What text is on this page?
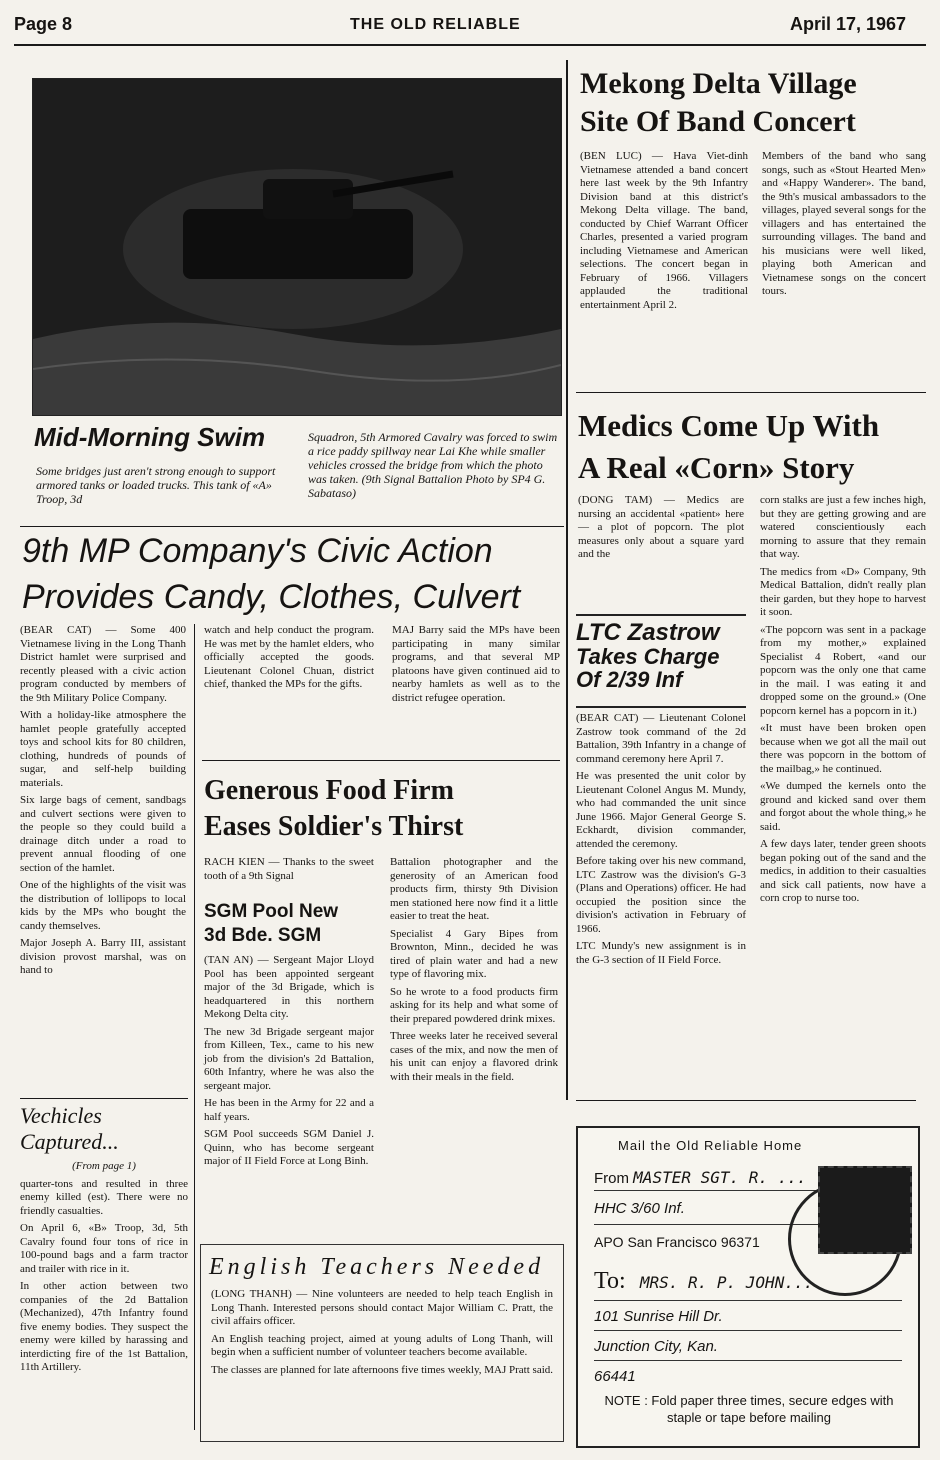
Page 8	THE OLD RELIABLE	April 17, 1967
Mid-Morning Swim
Some bridges just aren't strong enough to support armored tanks or loaded trucks. This tank of «A» Troop, 3d
Squadron, 5th Armored Cavalry was forced to swim a rice paddy spillway near Lai Khe while smaller vehicles crossed the bridge from which the photo was taken. (9th Signal Battalion Photo by SP4 G. Sabataso)
Mekong Delta Village
Site Of Band Concert
(BEN LUC) — Hava Viet-dinh Vietnamese attended a band concert here last week by the 9th Infantry Division band at this district's Mekong Delta village. The band, conducted by Chief Warrant Officer Charles, presented a varied program including Vietnamese and American selections. The concert began in February of 1966. Villagers applauded the traditional entertainment April 2.
Members of the band who sang songs, such as «Stout Hearted Men» and «Happy Wanderer». The band, the 9th's musical ambassadors to the villages, played several songs for the villagers and has entertained the surrounding villages. The band and his musicians were well liked, playing both American and Vietnamese songs on the concert tours.
Medics Come Up With
A Real «Corn» Story
(DONG TAM) — Medics are nursing an accidental «patient» here — a plot of popcorn. The plot measures only about a square yard and the

corn stalks are just a few inches high, but they are getting growing and are watered conscientiously each morning to assure that they remain that way.

The medics from «D» Company, 9th Medical Battalion, didn't really plan their garden, but they hope to harvest it soon.

«The popcorn was sent in a package from my mother,» explained Specialist 4 Robert, «and our popcorn was the only one that came in the mail. I was eating it and dropped some on the ground.» (One popcorn kernel has a popcorn in it.)

«It must have been broken open because when we got all the mail out there was popcorn in the bottom of the mailbag,» he continued.

«We dumped the kernels onto the ground and kicked sand over them and forgot about the whole thing,» he said.

A few days later, tender green shoots began poking out of the sand and the medics, in addition to their casualties and sick call patients, now have a corn crop to nurse too.

LTC Zastrow
Takes Charge
Of 2/39 Inf

(BEAR CAT) — Lieutenant Colonel Zastrow took command of the 2d Battalion, 39th Infantry in a change of command ceremony here April 7.

He was presented the unit color by Lieutenant Colonel Angus M. Mundy, who had commanded the unit since June 1966. Major General George S. Eckhardt, division commander, attended the ceremony.

Before taking over his new command, LTC Zastrow was the division's G-3 (Plans and Operations) officer. He had occupied the position since the division's activation in February of 1966.

LTC Mundy's new assignment is in the G-3 section of II Field Force.

9th MP Company's Civic Action
Provides Candy, Clothes, Culvert

(BEAR CAT) — Some 400 Vietnamese living in the Long Thanh District hamlet were surprised and recently pleased with a civic action program conducted by members of the 9th Military Police Company.

With a holiday-like atmosphere the hamlet people gratefully accepted toys and school kits for 80 children, clothing, hundreds of pounds of sugar, and self-help building materials.

Six large bags of cement, sandbags and culvert sections were given to the people so they could build a drainage ditch under a road to prevent annual flooding of one section of the hamlet.

One of the highlights of the visit was the distribution of lollipops to local kids by the MPs who bought the candy themselves.

Major Joseph A. Barry III, assistant division provost marshal, was on hand to

watch and help conduct the program. He was met by the hamlet elders, who officially accepted the goods. Lieutenant Colonel Chuan, district chief, thanked the MPs for the gifts.
MAJ Barry said the MPs have been participating in many similar programs, and that several MP platoons have given continued aid to nearby hamlets as well as to the district refugee operation.
Vechicles
Captured...

(From page 1)

quarter-tons and resulted in three enemy killed (est). There were no friendly casualties.

On April 6, «B» Troop, 3d, 5th Cavalry found four tons of rice in 100-pound bags and a farm tractor and trailer with rice in it.

In other action between two companies of the 2d Battalion (Mechanized), 47th Infantry found five enemy bodies. They suspect the enemy were killed by harassing and interdicting fire of the 1st Battalion, 11th Artillery.

Generous Food Firm
Eases Soldier's Thirst
RACH KIEN — Thanks to the sweet tooth of a 9th Signal

Battalion photographer and the generosity of an American food products firm, thirsty 9th Division men stationed here now find it a little easier to treat the heat.

Specialist 4 Gary Bipes from Brownton, Minn., decided he was tired of plain water and had a new type of flavoring mix.

So he wrote to a food products firm asking for its help and what some of their prepared powdered drink mixes.

Three weeks later he received several cases of the mix, and now the men of his unit can enjoy a flavored drink with their meals in the field.

SGM Pool New
3d Bde. SGM

(TAN AN) — Sergeant Major Lloyd Pool has been appointed sergeant major of the 3d Brigade, which is headquartered in this northern Mekong Delta city.

The new 3d Brigade sergeant major from Killeen, Tex., came to his new job from the division's 2d Battalion, 60th Infantry, where he was also the sergeant major.

He has been in the Army for 22 and a half years.

SGM Pool succeeds SGM Daniel J. Quinn, who has become sergeant major of II Field Force at Long Binh.

English Teachers Needed

(LONG THANH) — Nine volunteers are needed to help teach English in Long Thanh. Interested persons should contact Major William C. Pratt, the civil affairs officer.

An English teaching project, aimed at young adults of Long Thanh, will begin when a sufficient number of volunteer teachers become available.

The classes are planned for late afternoons five times weekly, MAJ Pratt said.

Mail the Old Reliable Home
From MASTER SGT. R. ...
HHC 3/60 Inf.
APO San Francisco 96371
To: MRS. R. P. JOHN...
101 Sunrise Hill Dr.
Junction City, Kan.
66441
NOTE : Fold paper three times, secure edges with staple or tape before mailing
